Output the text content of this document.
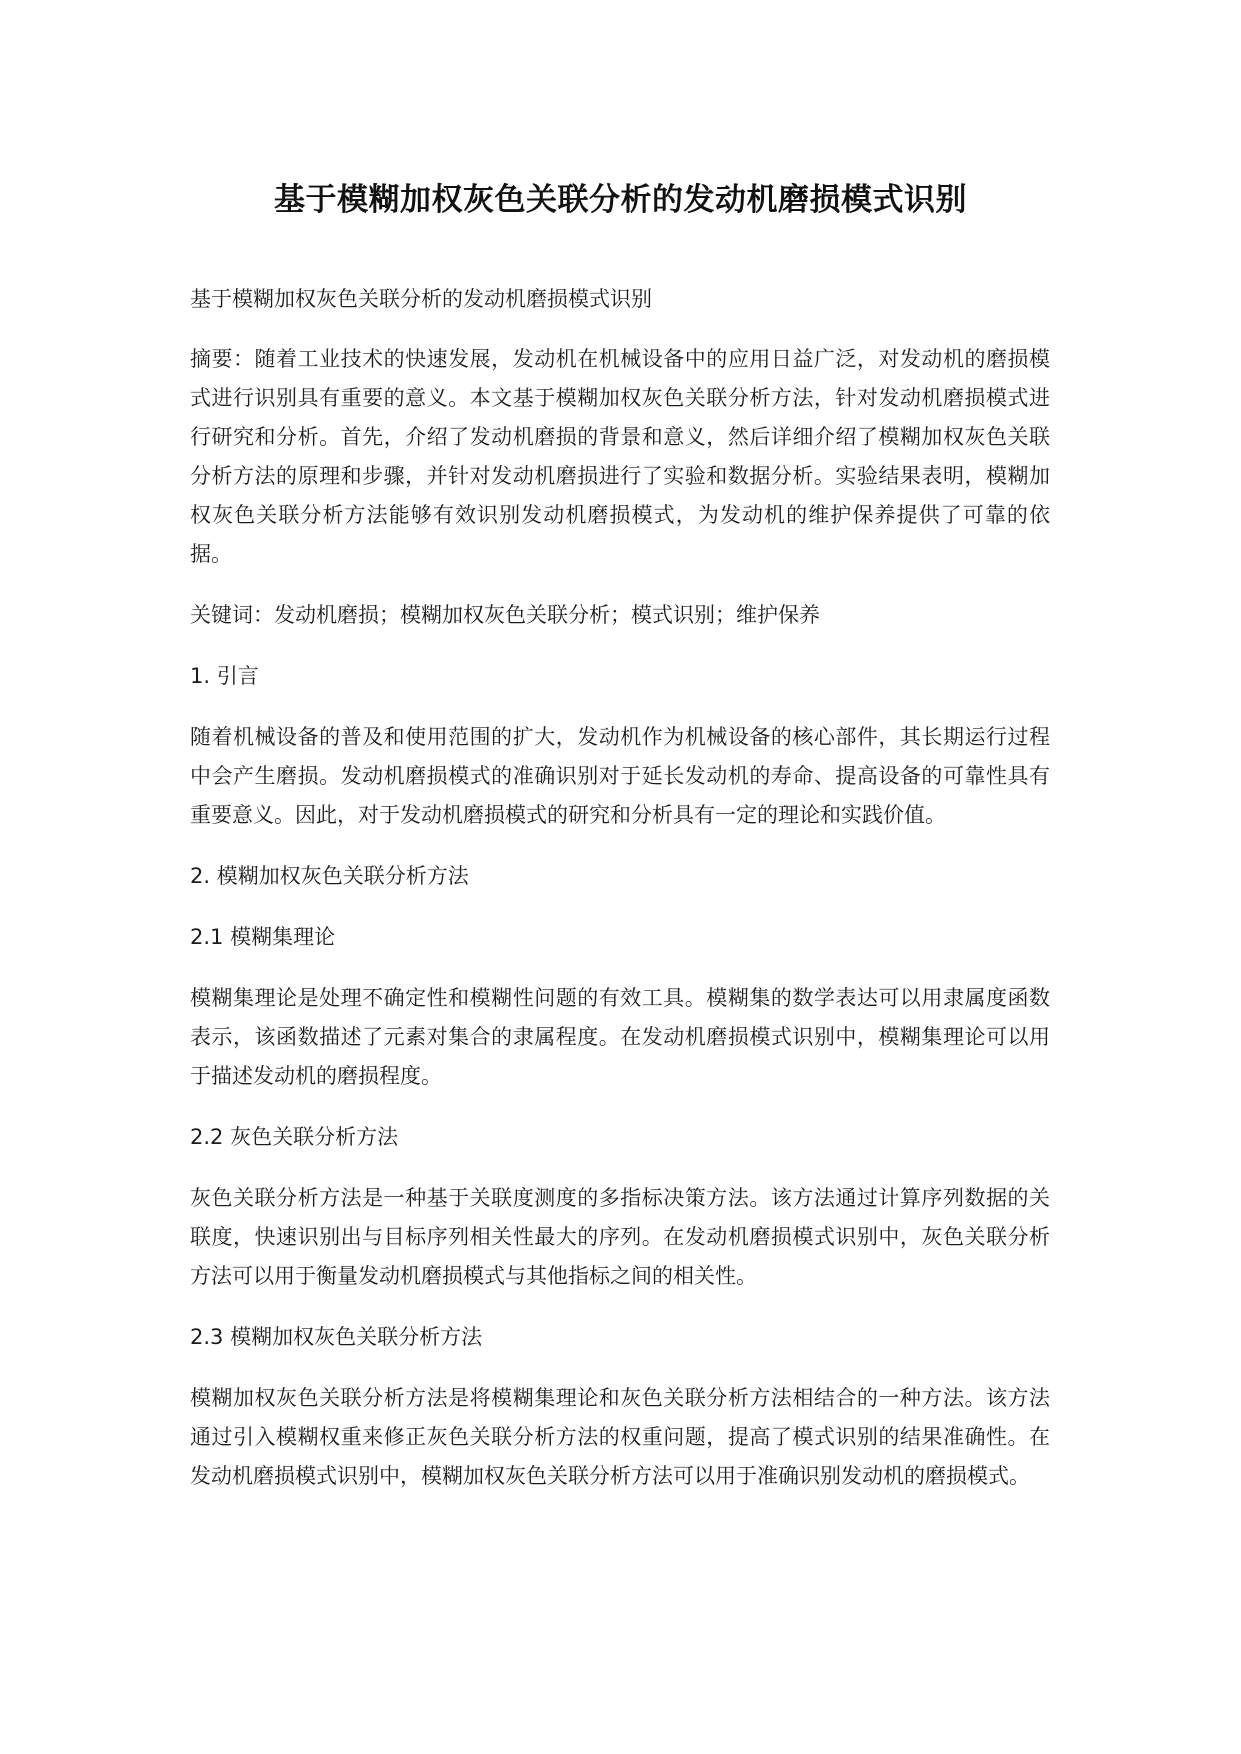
基于模糊加权灰色关联分析的发动机磨损模式识别

基于模糊加权灰色关联分析的发动机磨损模式识别

摘要：随着工业技术的快速发展，发动机在机械设备中的应用日益广泛，对发动机的磨损模式进行识别具有重要的意义。本文基于模糊加权灰色关联分析方法，针对发动机磨损模式进行研究和分析。首先，介绍了发动机磨损的背景和意义，然后详细介绍了模糊加权灰色关联分析方法的原理和步骤，并针对发动机磨损进行了实验和数据分析。实验结果表明，模糊加权灰色关联分析方法能够有效识别发动机磨损模式，为发动机的维护保养提供了可靠的依据。

关键词：发动机磨损；模糊加权灰色关联分析；模式识别；维护保养

1. 引言

随着机械设备的普及和使用范围的扩大，发动机作为机械设备的核心部件，其长期运行过程中会产生磨损。发动机磨损模式的准确识别对于延长发动机的寿命、提高设备的可靠性具有重要意义。因此，对于发动机磨损模式的研究和分析具有一定的理论和实践价值。

2. 模糊加权灰色关联分析方法

2.1 模糊集理论

模糊集理论是处理不确定性和模糊性问题的有效工具。模糊集的数学表达可以用隶属度函数表示，该函数描述了元素对集合的隶属程度。在发动机磨损模式识别中，模糊集理论可以用于描述发动机的磨损程度。

2.2 灰色关联分析方法

灰色关联分析方法是一种基于关联度测度的多指标决策方法。该方法通过计算序列数据的关联度，快速识别出与目标序列相关性最大的序列。在发动机磨损模式识别中，灰色关联分析方法可以用于衡量发动机磨损模式与其他指标之间的相关性。

2.3 模糊加权灰色关联分析方法

模糊加权灰色关联分析方法是将模糊集理论和灰色关联分析方法相结合的一种方法。该方法通过引入模糊权重来修正灰色关联分析方法的权重问题，提高了模式识别的结果准确性。在发动机磨损模式识别中，模糊加权灰色关联分析方法可以用于准确识别发动机的磨损模式。
